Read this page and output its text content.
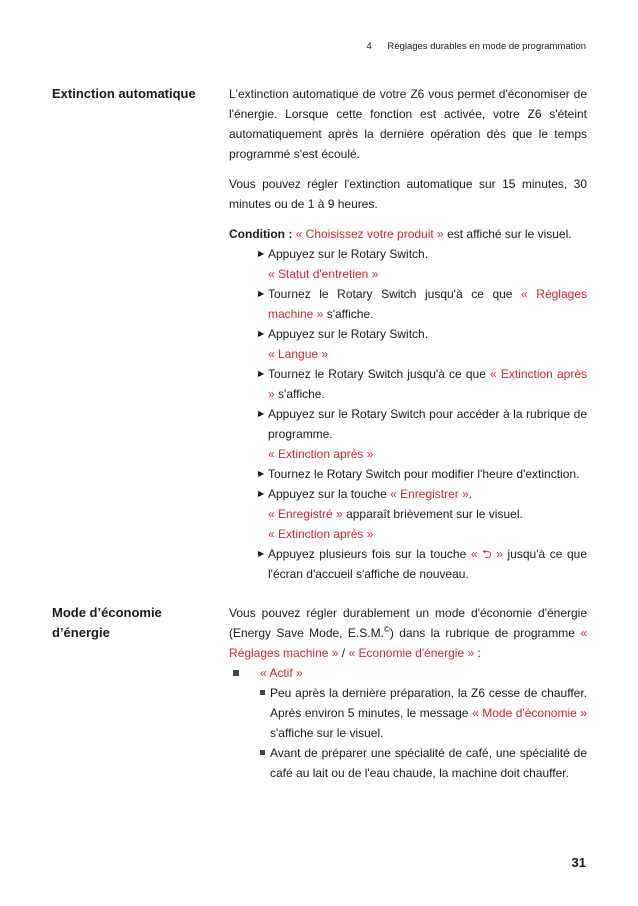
4 Réglages durables en mode de programmation
Extinction automatique	L'extinction automatique de votre Z6 vous permet d'économiser de l'énergie. Lorsque cette fonction est activée, votre Z6 s'éteint automatiquement après la dernière opération dès que le temps programmé s'est écoulé.

Vous pouvez régler l'extinction automatique sur 15 minutes, 30 minutes ou de 1 à 9 heures.

Condition : « Choisissez votre produit » est affiché sur le visuel.

▶ Appuyez sur le Rotary Switch.
« Statut d'entretien »
▶ Tournez le Rotary Switch jusqu'à ce que « Réglages machine » s'affiche.
▶ Appuyez sur le Rotary Switch.
« Langue »
▶ Tournez le Rotary Switch jusqu'à ce que « Extinction après » s'affiche.
▶ Appuyez sur le Rotary Switch pour accéder à la rubrique de programme.
« Extinction après »
▶ Tournez le Rotary Switch pour modifier l'heure d'extinction.
▶ Appuyez sur la touche « Enregistrer ».
« Enregistré » apparaît brièvement sur le visuel.
« Extinction après »
▶ Appuyez plusieurs fois sur la touche « ⮌ » jusqu'à ce que l'écran d'accueil s'affiche de nouveau.
Mode d’économie d’énergie

Vous pouvez régler durablement un mode d'économie d'énergie (Energy Save Mode, E.S.M.©) dans la rubrique de programme « Réglages machine » / « Economie d'énergie » :

« Actif »
Peu après la dernière préparation, la Z6 cesse de chauffer. Après environ 5 minutes, le message « Mode d'économie » s'affiche sur le visuel.
Avant de préparer une spécialité de café, une spécialité de café au lait ou de l'eau chaude, la machine doit chauffer.
31
